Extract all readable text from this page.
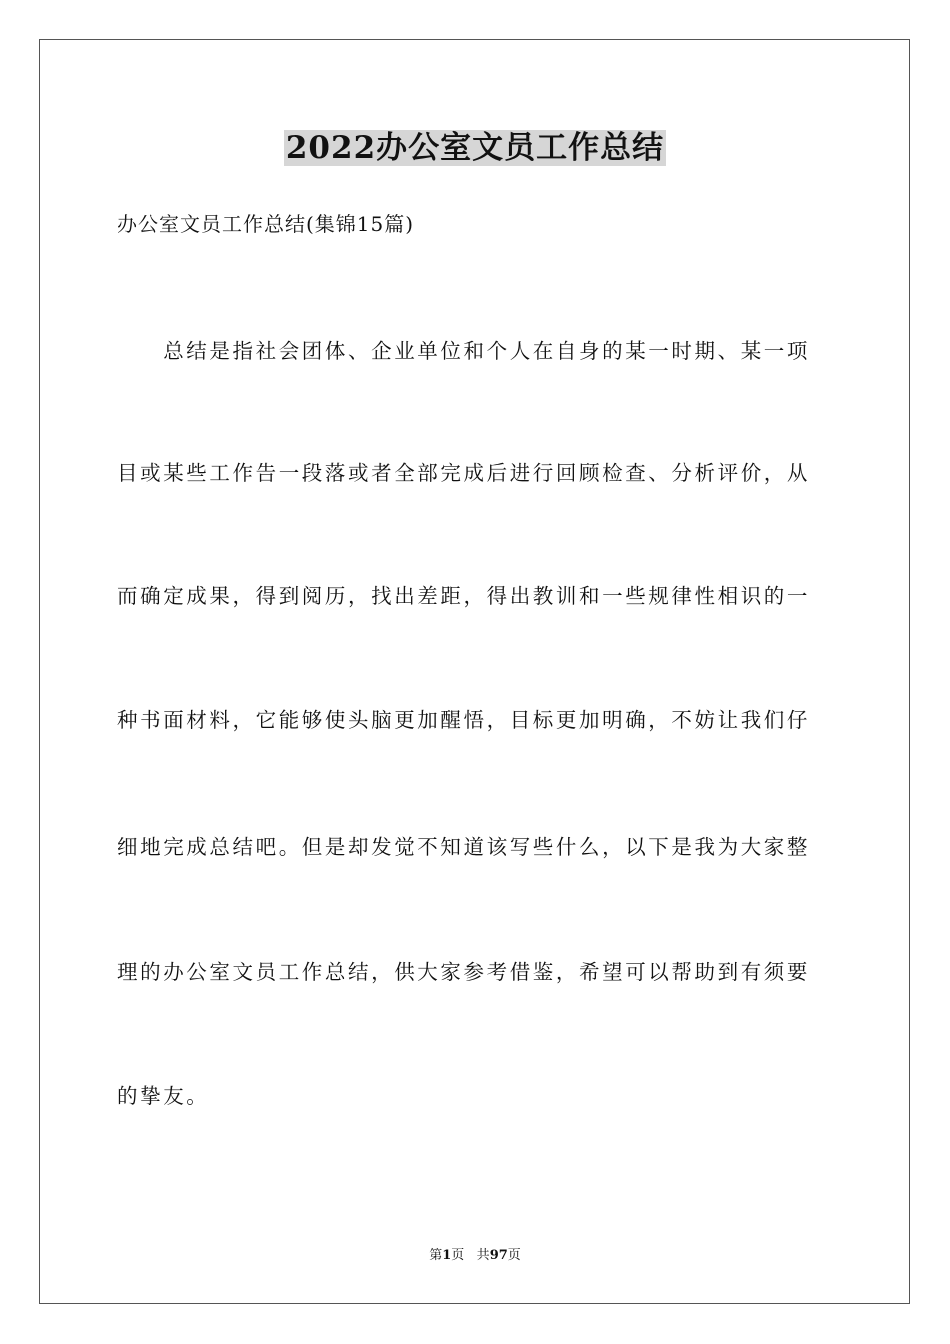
2022办公室文员工作总结
办公室文员工作总结(集锦15篇)
　　总结是指社会团体、企业单位和个人在自身的某一时期、某一项
目或某些工作告一段落或者全部完成后进行回顾检查、分析评价，从
而确定成果，得到阅历，找出差距，得出教训和一些规律性相识的一
种书面材料，它能够使头脑更加醒悟，目标更加明确，不妨让我们仔
细地完成总结吧。但是却发觉不知道该写些什么，以下是我为大家整
理的办公室文员工作总结，供大家参考借鉴，希望可以帮助到有须要
的挚友。
第1页 共97页
